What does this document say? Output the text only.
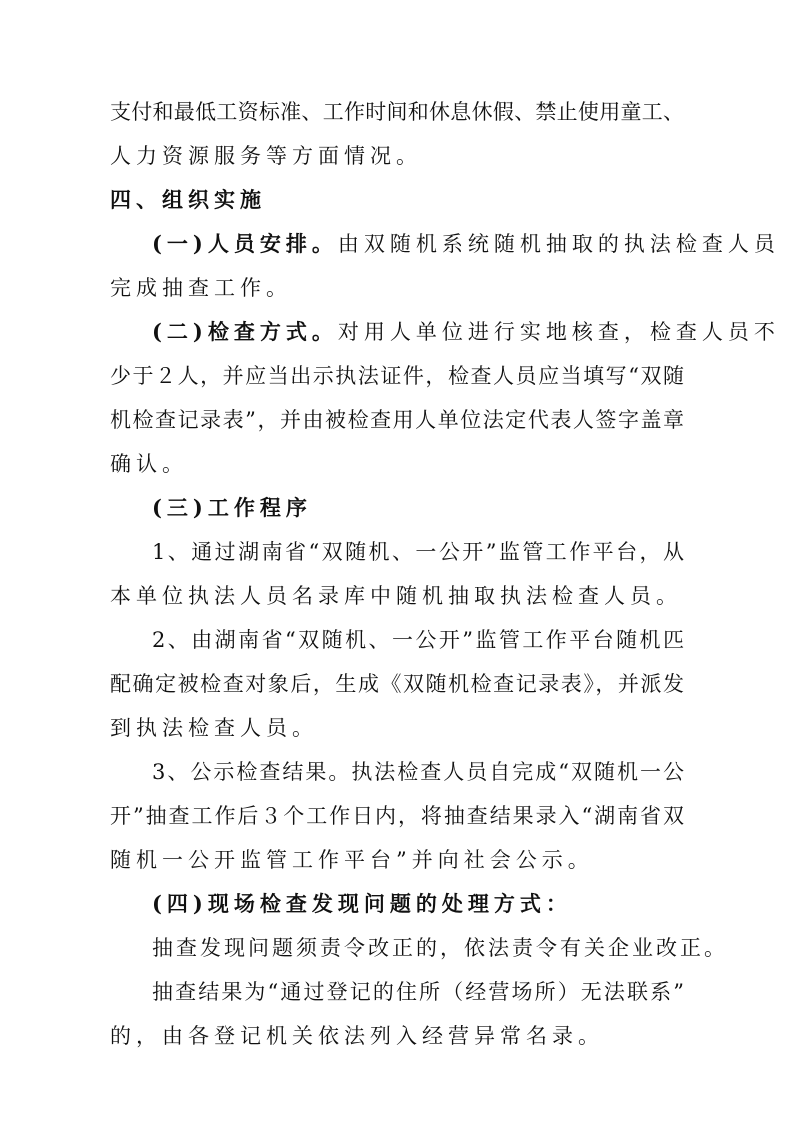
支付和最低工资标准、工作时间和休息休假、禁止使用童工、
人力资源服务等方面情况。
四、组织实施
(一)人员安排。由双随机系统随机抽取的执法检查人员
完成抽查工作。
(二)检查方式。对用人单位进行实地核查，检查人员不
少于２人，并应当出示执法证件，检查人员应当填写“双随
机检查记录表”，并由被检查用人单位法定代表人签字盖章
确认。
(三)工作程序
1、通过湖南省“双随机、一公开”监管工作平台，从
本单位执法人员名录库中随机抽取执法检查人员。
2、由湖南省“双随机、一公开”监管工作平台随机匹
配确定被检查对象后，生成《双随机检查记录表》，并派发
到执法检查人员。
3、公示检查结果。执法检查人员自完成“双随机一公
开”抽查工作后３个工作日内，将抽查结果录入“湖南省双
随机一公开监管工作平台”并向社会公示。
(四)现场检查发现问题的处理方式：
抽查发现问题须责令改正的，依法责令有关企业改正。
抽查结果为“通过登记的住所（经营场所）无法联系”
的，由各登记机关依法列入经营异常名录。
